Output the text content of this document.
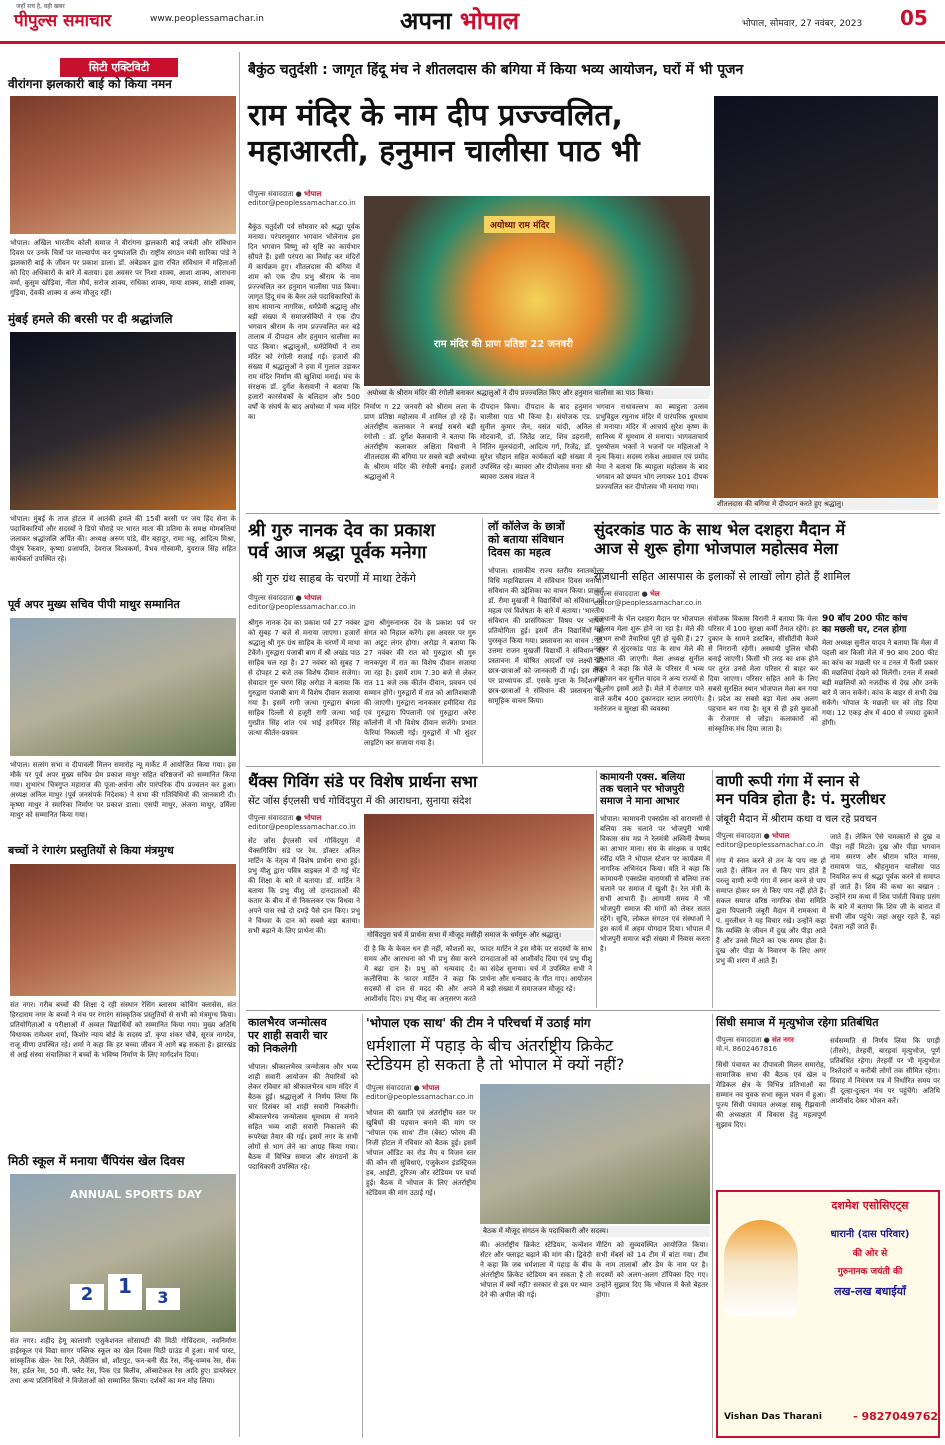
जहाँ सच है, वही खबर
पीपुल्स समाचार	www.peoplessamachar.in	अपना भोपाल	भोपाल, सोमवार, 27 नवंबर, 2023 05
सिटी एक्टिविटी
वीरांगना झलकारी बाई को किया नमन
भोपाल। अखिल भारतीय कोली समाज ने वीरांगना झलकारी बाई जयंती और संविधान दिवस पर उनके चित्रों पर माल्यार्पण कर पुष्पांजलि दी। राष्ट्रीय संगठन मंत्री सारिका पांडे ने झलकारी बाई के जीवन पर प्रकाश डाला। डॉ. अंबेडकर द्वारा रचित संविधान में महिलाओं को दिए अधिकारों के बारे में बताया। इस अवसर पर निशा शाक्य, आशा शाक्य, आराधना वर्मा, कुसुम खोड़िया, नीता मौर्य, सरोज शाक्य, राधिका शाक्य, माया शाक्य, साक्षी शाक्य, गुड़िया, देवकी शाक्य व अन्य मौजूद रहीं।
मुंबई हमले की बरसी पर दी श्रद्धांजलि
भोपाल। मुंबई के ताज होटल में आतंकी हमले की 15वीं बरसी पर जय हिंद सेना के पदाधिकारियों और सदस्यों ने डिपो चौराहे पर भारत माता की प्रतिमा के समक्ष मोमबत्तियां जलाकर श्रद्धांजलि अर्पित की। अध्यक्ष अरुण पांडे, वीर बहादुर, रामा भट्ट, आदित्य मिश्रा, पीयूष रैकवार, कृष्णा प्रजापति, देवराज विश्वकर्मा, वैभव गोस्वामी, युवराज सिंह सहित कार्यकर्ता उपस्थित रहे।
पूर्व अपर मुख्य सचिव पीपी माथुर सम्मानित
भोपाल। सत्संग सभा व दीपावली मिलन समारोह न्यू मार्केट में आयोजित किया गया। इस मौके पर पूर्व अपर मुख्य सचिव प्रेम प्रकाश माथुर सहित वरिष्ठजनों को सम्मानित किया गया। शुभारंभ चित्रगुप्त महाराज की पूजा-अर्चना और पारंपरिक दीप प्रज्वलन कर हुआ। अध्यक्ष अनिल माथुर (पूर्व जनसंपर्क निदेशक) ने सभा की गतिविधियों की जानकारी दी। कृष्णा माथुर ने स्मारिका निर्माण पर प्रकाश डाला। एसपी माथुर, अंजना माथुर, उर्मिला माथुर को सम्मानित किया गया।
बच्चों ने रंगारंग प्रस्तुतियों से किया मंत्रमुग्ध
संत नगर। गरीब बच्चों की शिक्षा दे रही संस्थान रेसिंग ब्लासम कोचिंग क्लासेस, संत हिरदाराम नगर के बच्चों ने मंच पर रंगारंग सांस्कृतिक प्रस्तुतियों से सभी को मंत्रमुग्ध किया। प्रतियोगिताओं व परीक्षाओं में अव्वल विद्यार्थियों को सम्मानित किया गया। मुख्य अतिथि विधायक रामेश्वर शर्मा, किशोर न्याय बोर्ड के सदस्य डॉ. कृपा शंकर चौबे, सूरज नागदेव, राजू मीणा उपस्थित रहे। शर्मा ने कहा कि हर बच्चा जीवन में आगे बढ़ सकता है। झारखंड से आईं संस्था संचालिका ने बच्चों के भविष्य निर्माण के लिए मार्गदर्शन दिया।
मिठी स्कूल में मनाया चैंपियंस खेल दिवस
ANNUAL SPORTS DAY
2	1	3
संत नगर। शहीद हेमू कालाणी एजुकेशनल सोसायटी की मिठी गोविंदराम, नवनिर्माण हाईस्कूल एवं विद्या सागर पब्लिक स्कूल का खेल दिवस मिठी ग्राउंड में हुआ। मार्च पास्ट, सांस्कृतिक खेल- रेस रिले, जैवेलिन थ्रो, शॉटपुट, फन-बनी सैंड रेस, नींबू-चम्मच रेस, सैक रेस, हर्डल रेस, 50 मी. फ्लैट रेस, पिक एंड बिलीव, ऑब्सटेकल रेस आदि हुए। डायरेक्टर तथा अन्य प्रतिनिधियों ने विजेताओं को सम्मानित किया। दर्शकों का मन मोह लिया।
बैकुंठ चतुर्दशी : जागृत हिंदू मंच ने शीतलदास की बगिया में किया भव्य आयोजन, घरों में भी पूजन
राम मंदिर के नाम दीप प्रज्ज्वलित,
महाआरती, हनुमान चालीसा पाठ भी
पीपुल्स संवाददाता ● भोपाल
editor@peoplessamachar.co.in
बैकुंठ चतुर्दशी पर्व सोमवार को श्रद्धा पूर्वक मनाया। परंपरानुसार भगवान भोलेनाथ इस दिन भगवान विष्णु को सृष्टि का कार्यभार सौंपते हैं। इसी परंपरा का निर्वाह कर मंदिरों में कार्यक्रम हुए। शीतलदास की बगिया में शाम को एक दीप प्रभु श्रीराम के नाम प्रज्ज्वलित कर हनुमान चालीसा पाठ किया। जागृत हिंदू मंच के बैनर तले पदाधिकारियों के साथ सामान्य नागरिक, धर्मप्रेमी श्रद्धालु और बड़ी संख्या में समाजसेवियों ने एक दीप भगवान श्रीराम के नाम प्रज्ज्वलित कर बड़े तालाब में दीपदान और हनुमान चालीसा का पाठ किया। श्रद्धालुओं, धर्मप्रेमियों ने राम मंदिर को रंगोली सजाई गई। हजारों की संख्या में श्रद्धालुओं ने हवा में गुलाल उड़ाकर राम मंदिर निर्माण की खुशियां मनाई। मंच के संरक्षक डॉ. दुर्गेश केसवानी ने बताया कि हजारों कारसेवकों के बलिदान और 500 वर्षों के संघर्ष के बाद अयोध्या में भव्य मंदिर का
अयोध्या राम मंदिर
राम मंदिर की प्राण प्रतिष्ठा 22 जनवरी
अयोध्या के श्रीराम मंदिर की रंगोली बनाकर श्रद्धालुओं ने दीप प्रज्ज्वलित किए और हनुमान चालीसा का पाठ किया।
निर्माण ग 22 जनवरी को श्रीराम लला के प्राण प्रतिष्ठा महोत्सव में शामिल हो रहे हैं। अंतर्राष्ट्रीय कलाकार ने बनाई सबसे बड़ी रंगोली : डॉ. दुर्गेश केसवानी ने बताया कि अंतर्राष्ट्रीय कलाकार अक्षिता विधानी ने शीतलदास की बगिया पर सबसे बड़ी अयोध्या के श्रीराम मंदिर की रंगोली बनाई। हजारों श्रद्धालुओं ने
दीपदान किया। दीपदान के बाद हनुमान चालीसा पाठ भी किया है। संयोजक एड. सुनील कुमार जैन, वसंत चांदी, अनिल मोटवानी, डॉ. जितेंद्र जाट, शिव डहरानी, नितिन मूलचंदानी, आदित्य गर्ग, रिजेंद्र, डॉ. सुरेश चौहान सहित कार्यकर्ता बड़ी संख्या में उपस्थित रहे। ब्यावरा और दीपोत्सव मनाः श्री ब्यावरा उत्सव मंडल ने
भगवान राधावल्लभ का ब्याहुला उत्सव प्रभुविट्ठल रघुनाथ मंदिर में पारंपरिक धूमधाम से मनाया। मंदिर में आचार्य सुरेश कृष्ण के सानिध्य में धूमधाम से मनाया। भागवताचार्य पुरुषोत्तम भक्तों ने भजनों पर महिलाओं ने नृत्य किया। सदस्य राकेश अग्रवाल एवं प्रमोद नेमा ने बताया कि ब्याहुला महोत्सव के बाद भगवान को छप्पन भोग लगाकर 101 दीपक प्रज्ज्वलित कर दीपोत्सव भी मनाया गया।
शीतलदास की बगिया में दीपदान करते हुए श्रद्धालु।
श्री गुरु नानक देव का प्रकाश
पर्व आज श्रद्धा पूर्वक मनेगा
श्री गुरु ग्रंथ साहब के चरणों में माथा टेकेंगे
पीपुल्स संवाददाता ● भोपाल
editor@peoplessamachar.co.in
श्रीगुरु नानक देव का प्रकाश पर्व 27 नवंबर को सुबह 7 बजे से मनाया जाएगा। हजारों श्रद्धालु श्री गुरु ग्रंथ साहिब के चरणों में माथा टेकेंगे। गुरुद्वारा पंजाबी बाग में श्री अखंड पाठ साहिब चल रहा है। 27 नवंबर को सुबह 7 से दोपहर 2 बजे तक विशेष दीवान सजेगा। सेवादार गुरु चरण सिंह अरोड़ा ने बताया कि गुरुद्वारा पंजाबी बाग में विशेष दीवान सजाया गया है। इसमें रागी जत्था गुरुद्वारा बंगला साहिब दिल्ली से हजूरी रागी जत्था भाई गुरप्रीत सिंह शांत एवं भाई हरमिंदर सिंह जत्था कीर्तन-प्रवचन
द्वारा श्रीगुरुनानक देव के प्रकाश पर्व पर संगत को निहाल करेंगे। इस अवसर पर गुरु का अटूट लंगर होगा। अरोड़ा ने बताया कि 27 नवंबर की रात को गुरुद्वारा श्री गुरु नानकपुरा में रात का विशेष दीवान सजाया जा रहा है। इसमें शाम 7.30 बजे से लेकर रात 11 बजे तक कीर्तन दीवान, प्रवचन एवं सम्मान होंगे। गुरुद्वारों में रात को आतिशबाजी की जाएगी। गुरुद्वारा नानकसर हमीदिया रोड एवं गुरुद्वारा पिपलानी एवं गुरुद्वारा अरेरा कॉलोनी में भी विशेष दीवान सजेंगे। प्रभात फेरियां निकाली गई। गुरुद्वारों में भी सुंदर लाइटिंग कर सजाया गया है।
लॉ कॉलेज के छात्रों
को बताया संविधान
दिवस का महत्व
भोपाल। शासकीय राज्य स्तरीय स्नातकोत्तर विधि महाविद्यालय में संविधान दिवस मनाया। संविधान की उद्देशिका का वाचन किया। प्राचार्य डॉ. रीमा मुखर्जी ने विद्यार्थियों को संविधान का महत्व एवं विशेषता के बारे में बताया। 'भारतीय संविधान की प्रासंगिकता' विषय पर भाषण प्रतियोगिता हुई। इसमें तीन विद्यार्थियों को पुरस्कृत किया गया। प्रस्तावना का वाचन : डॉ. उत्तमा राजन मुखर्जी विद्यार्थी ने संविधान की प्रस्तावना में घोषित आदर्शों एवं लक्ष्यों की छात्र-छात्राओं को जानकारी दी गई। इस मौके पर प्राध्यापक डॉ. एसके गुप्ता के निर्देशन में छात्र-छात्राओं ने संविधान की प्रस्तावना का सामूहिक वाचन किया।
सुंदरकांड पाठ के साथ भेल दशहरा मैदान में
आज से शुरू होगा भोजपाल महोत्सव मेला
राजधानी सहित आसपास के इलाकों से लाखों लोग होते हैं शामिल
पीपुल्स संवाददाता ● भेल
editor@peoplessamachar.co.in
राजधानी के भेल दशहरा मैदान पर भोजपाल महोत्सव मेला शुरू होने जा रहा है। मेले की लगभग सभी तैयारियां पूरी हो चुकी हैं। 27 नवंबर से सुंदरकांड पाठ के साथ मेले की शुरुआत की जाएगी। मेला अध्यक्ष सुनील यादव ने कहा कि मेले के परिसर में भव्य आयोजन कर सुनील यादव ने अन्य राज्यों से भी लोग इसमें आते हैं। मेले में रोजगार पाने वाले करीब 400 दुकानदार स्टाल लगाएंगे। मनोरंजन व सुरक्षा की व्यवस्था
संयोजक विकास विरानी ने बताया कि मेला परिसर में 100 सुरक्षा कर्मी तैनात रहेंगे। हर दुकान के सामने डस्टबिन, सीसीटीवी कैमरे से निगरानी रहेगी। अस्थायी पुलिस चौकी बनाई जाएगी। किसी भी तरह का शक होने पर तुरंत उनसे मेला परिसर से बाहर कर दिया जाएगा। परिसर सहित आने के लिए सबसे सुरक्षित स्थान भोजपाल मेला बन गया है। प्रदेश का सबसे बड़ा मेला अब अलग पहचान बन गया है। सूत्र से ही इसे युवाओं के रोजगार से जोड़ा। कलाकारों को सांस्कृतिक मंच दिया जाता है।
90 बॉय 200 फीट कांच
का मछली घर, टनल होगा
मेला अध्यक्ष सुनील यादव ने बताया कि मेला में पहली बार किसी मेले में 90 बाय 200 फीट का कांच का मछली घर व टनल में फैंसी प्रकार की मछलियां देखने को मिलेंगी। टनल में सबसे बड़ी मछलियों को नजदीक से देख और उनके बारे में जान सकेंगे। कांच के बाहर से सभी देख सकेंगे। भोपाल के मछली घर को तोड़ दिया गया। 12 एकड़ क्षेत्र में 400 से ज्यादा दुकानें होंगी।
थैंक्स गिविंग संडे पर विशेष प्रार्थना सभा
सेंट जोंस ईएलसी चर्च गोविंदपुरा में की आराधना, सुनाया संदेश
पीपुल्स संवाददाता ● भोपाल
editor@peoplessamachar.co.in
सेंट जोंस ईएलसी चर्च गोविंदपुरा में थैंक्सगिविंग संडे पर रेव. डॉक्टर अनिल मार्टिन के नेतृत्व में विशेष प्रार्थना सभा हुई। प्रभु यीशु द्वारा पवित्र बाइबल में दी गई भेंट की शिक्षा के बारे में बताया। डॉ. मार्टिन ने बताया कि प्रभु यीशु जो दानदाताओं की कतार के बीच में से निकलकर एक विधवा ने अपने पास रखे दो दमड़े पैसे दान किए। प्रभु ने विधवा के दान को सबसे बड़ा बताया। सभी बढ़ाने के लिए प्रार्थना की।	गोविंदपुरा चर्च में प्रार्थना सभा में मौजूद मसीही समाज के धर्मगुरु और श्रद्धालु।
दी है कि के केवल धन ही नहीं, कौशलों का, समय और आराधना को भी प्रभु सेवा करने में बढ़ा दान है। प्रभु को धन्यवाद दें। कलीसिया के फादर मार्टिन ने कहा कि सदस्यों से दान से मदद की और अपने आशीर्वाद दिए। प्रभु यीशु का अनुसरण करते
फादर मार्टिन ने इस मौके पर सदस्यों के साथ दानदाताओं को आशीर्वाद दिया एवं प्रभु यीशु का संदेश सुनाया। चर्च में उपस्थित सभी ने प्रार्थना और धन्यवाद के गीत गाए। आयोजन में बड़ी संख्या में समाजजन मौजूद रहे।
कामायनी एक्स. बलिया
तक चलाने पर भोजपुरी
समाज ने माना आभार
भोपाल। कामायनी एक्सप्रेस को वाराणसी से बलिया तक चलाने पर भोजपुरी भाषी विकास संघ मप्र ने रेलमंत्री अश्विनी वैष्णव का आभार माना। संघ के संरक्षक व पार्षद रवींद्र यति ने भोपाल स्टेशन पर कार्यक्रम में नागरिक अभिनंदन किया। यति ने कहा कि कामायनी एक्सप्रेस वाराणसी से बलिया तक चलाने पर समाज में खुशी है। रेल मंत्री के सभी आभारी हैं। आगामी समय में भी भोजपुरी समाज की मांगों को लेकर सतत रहेंगे। सूचि, लोकल संगठन एवं संस्थाओं ने इस कार्य में अहम योगदान दिया। भोपाल में भोजपुरी समाज बड़ी संख्या में निवास करता है।
वाणी रूपी गंगा में स्नान से
मन पवित्र होता है: पं. मुरलीधर
जंबूरी मैदान में श्रीराम कथा व चल रहे प्रवचन
पीपुल्स संवाददाता ● भोपाल
editor@peoplessamachar.co.in
गंगा में स्नान करने से तन के पाप नष्ट हो जाते हैं। लेकिन तन से किए पाप होते हैं परन्तु वाणी रूपी गंगा में स्नान करने से पाप समाप्त होकर मन से किए पाप नहीं होते हैं। सकल समाज वरिष्ठ नागरिक सेवा समिति द्वारा पिपलानी जंबूरी मैदान में रामकथा में पं. मुरलीधर ने यह विचार रखे। उन्होंने कहा कि व्यक्ति के जीवन में दुख और पीड़ा आते हैं और उनसे मिटने का एक समय होता है। दुख और पीड़ा के निवारण के लिए अगर प्रभु की शरण में आते हैं।
जाते हैं। लेकिन ऐसे चमत्कारों से दुख व पीड़ा नहीं मिटते। दुख और पीड़ा भगवान नाम स्मरण और श्रीराम चरित मानस, रामायण पाठ, श्रीहनुमान चालीसा पाठ नियमित रूप से श्रद्धा पूर्वक करने से समाप्त हो जाते हैं। शिव की कथा का बखान : उन्होंने राम कथा में शिव पार्वती विवाह प्रसंग के बारे में बताया कि शिव जी के बारात में सभी जीव पहुंचे। जहां असुर रहते हैं, वहां देवता नहीं जाते हैं।
कालभैरव जन्मोत्सव
पर शाही सवारी चार
को निकलेगी
भोपाल। श्रीकालभैरव जन्मोत्सव और भव्य शाही सवारी आयोजन की तैयारियों को लेकर रविवार को श्रीकालभैरव धाम मंदिर में बैठक हुई। श्रद्धालुओं ने निर्णय लिया कि चार दिसंबर को शाही सवारी निकलेगी। श्रीकालभैरव जन्मोत्सव धूमधाम से मनाने सहित भव्य शाही सवारी निकालने की रूपरेखा तैयार की गई। इसमें नगर के सभी लोगों से भाग लेने का आग्रह किया गया। बैठक में विभिन्न समाज और संगठनों के पदाधिकारी उपस्थित रहे।
'भोपाल एक साथ' की टीम ने परिचर्चा में उठाई मांग
धर्मशाला में पहाड़ के बीच अंतर्राष्ट्रीय क्रिकेट
स्टेडियम हो सकता है तो भोपाल में क्यों नहीं?
पीपुल्स संवाददाता ● भोपाल
editor@peoplessamachar.co.in
भोपाल की ख्याति एवं अंतर्राष्ट्रीय स्तर पर खुबियों की पहचान बनाने की मांग पर 'भोपाल एक साथ' टीम (बेस्ट) फोरम की निजी होटल में रविवार को बैठक हुई। इसमें भोपाल ऑडिट का रोड मैप व विजन स्तर की कौन सी सुविधाएं, एजुकेशन इंडस्ट्रियल हब, आईटी, टूरिज्म और स्टेडियम पर चर्चा हुई। बैठक में भोपाल के लिए अंतर्राष्ट्रीय स्टेडियम की मांग उठाई गई।
बैठक में मौजूद संगठन के पदाधिकारी और सदस्य।
की। अंतर्राष्ट्रीय क्रिकेट स्टेडियम, कन्वेंशन सेंटर और फ्लाइट बढ़ाने की मांग की। द्विवेदी ने कहा कि जब धर्मशाला में पहाड़ के बीच अंतर्राष्ट्रीय क्रिकेट स्टेडियम बन सकता है तो भोपाल में क्यों नहीं? सरकार से इस पर ध्यान देने की अपील की गई।
मीटिंग को सुव्यवस्थित आयोजित किया। सभी मेंबर्स को 14 टीम में बांटा गया। टीम के नाम तालाबों और डैम के नाम पर है। सदस्यों को अलग-अलग टॉपिक्स दिए गए। उन्होंने सुझाव दिए कि भोपाल में कैसे बेहतर होगा।
सिंधी समाज में मृत्युभोज रहेगा प्रतिबंधित
पीपुल्स संवाददाता ● संत नगर
मो.नं. 8602467816
सिंधी पंचायत का दीपावली मिलन समारोह, सामाजिक सभा की बैठक एवं खेल व मेडिकल क्षेत्र के विभिन्न प्रतिभाओं का सम्मान नव युवक सभा स्कूल भवन में हुआ। पूज्य सिंधी पंचायत अध्यक्ष साबू रीझवानी की अध्यक्षता में विकास हेतु महत्वपूर्ण सुझाव दिए।
सर्वसम्मति से निर्णय लिया कि पगड़ी (तीसरे), तेरहवीं, बारहवां मृत्युभोज, पूर्ण प्रतिबंधित रहेगा। तेरहवीं पर भी मृत्युभोज रिश्तेदारों व करीबी लोगों तक सीमित रहेगा। विवाह में निमंत्रण पत्र में निर्धारित समय पर ही दूल्हा-दुल्हन मंच पर पहुंचेंगे। अतिथि आशीर्वाद देकर भोजन करें।
दशमेश एसोसिएट्स
धारानी (दास परिवार)
की ओर से
गुरुनानक जयंती की
लख-लख बधाईयाँ
Vishan Das Tharani	- 9827049762
